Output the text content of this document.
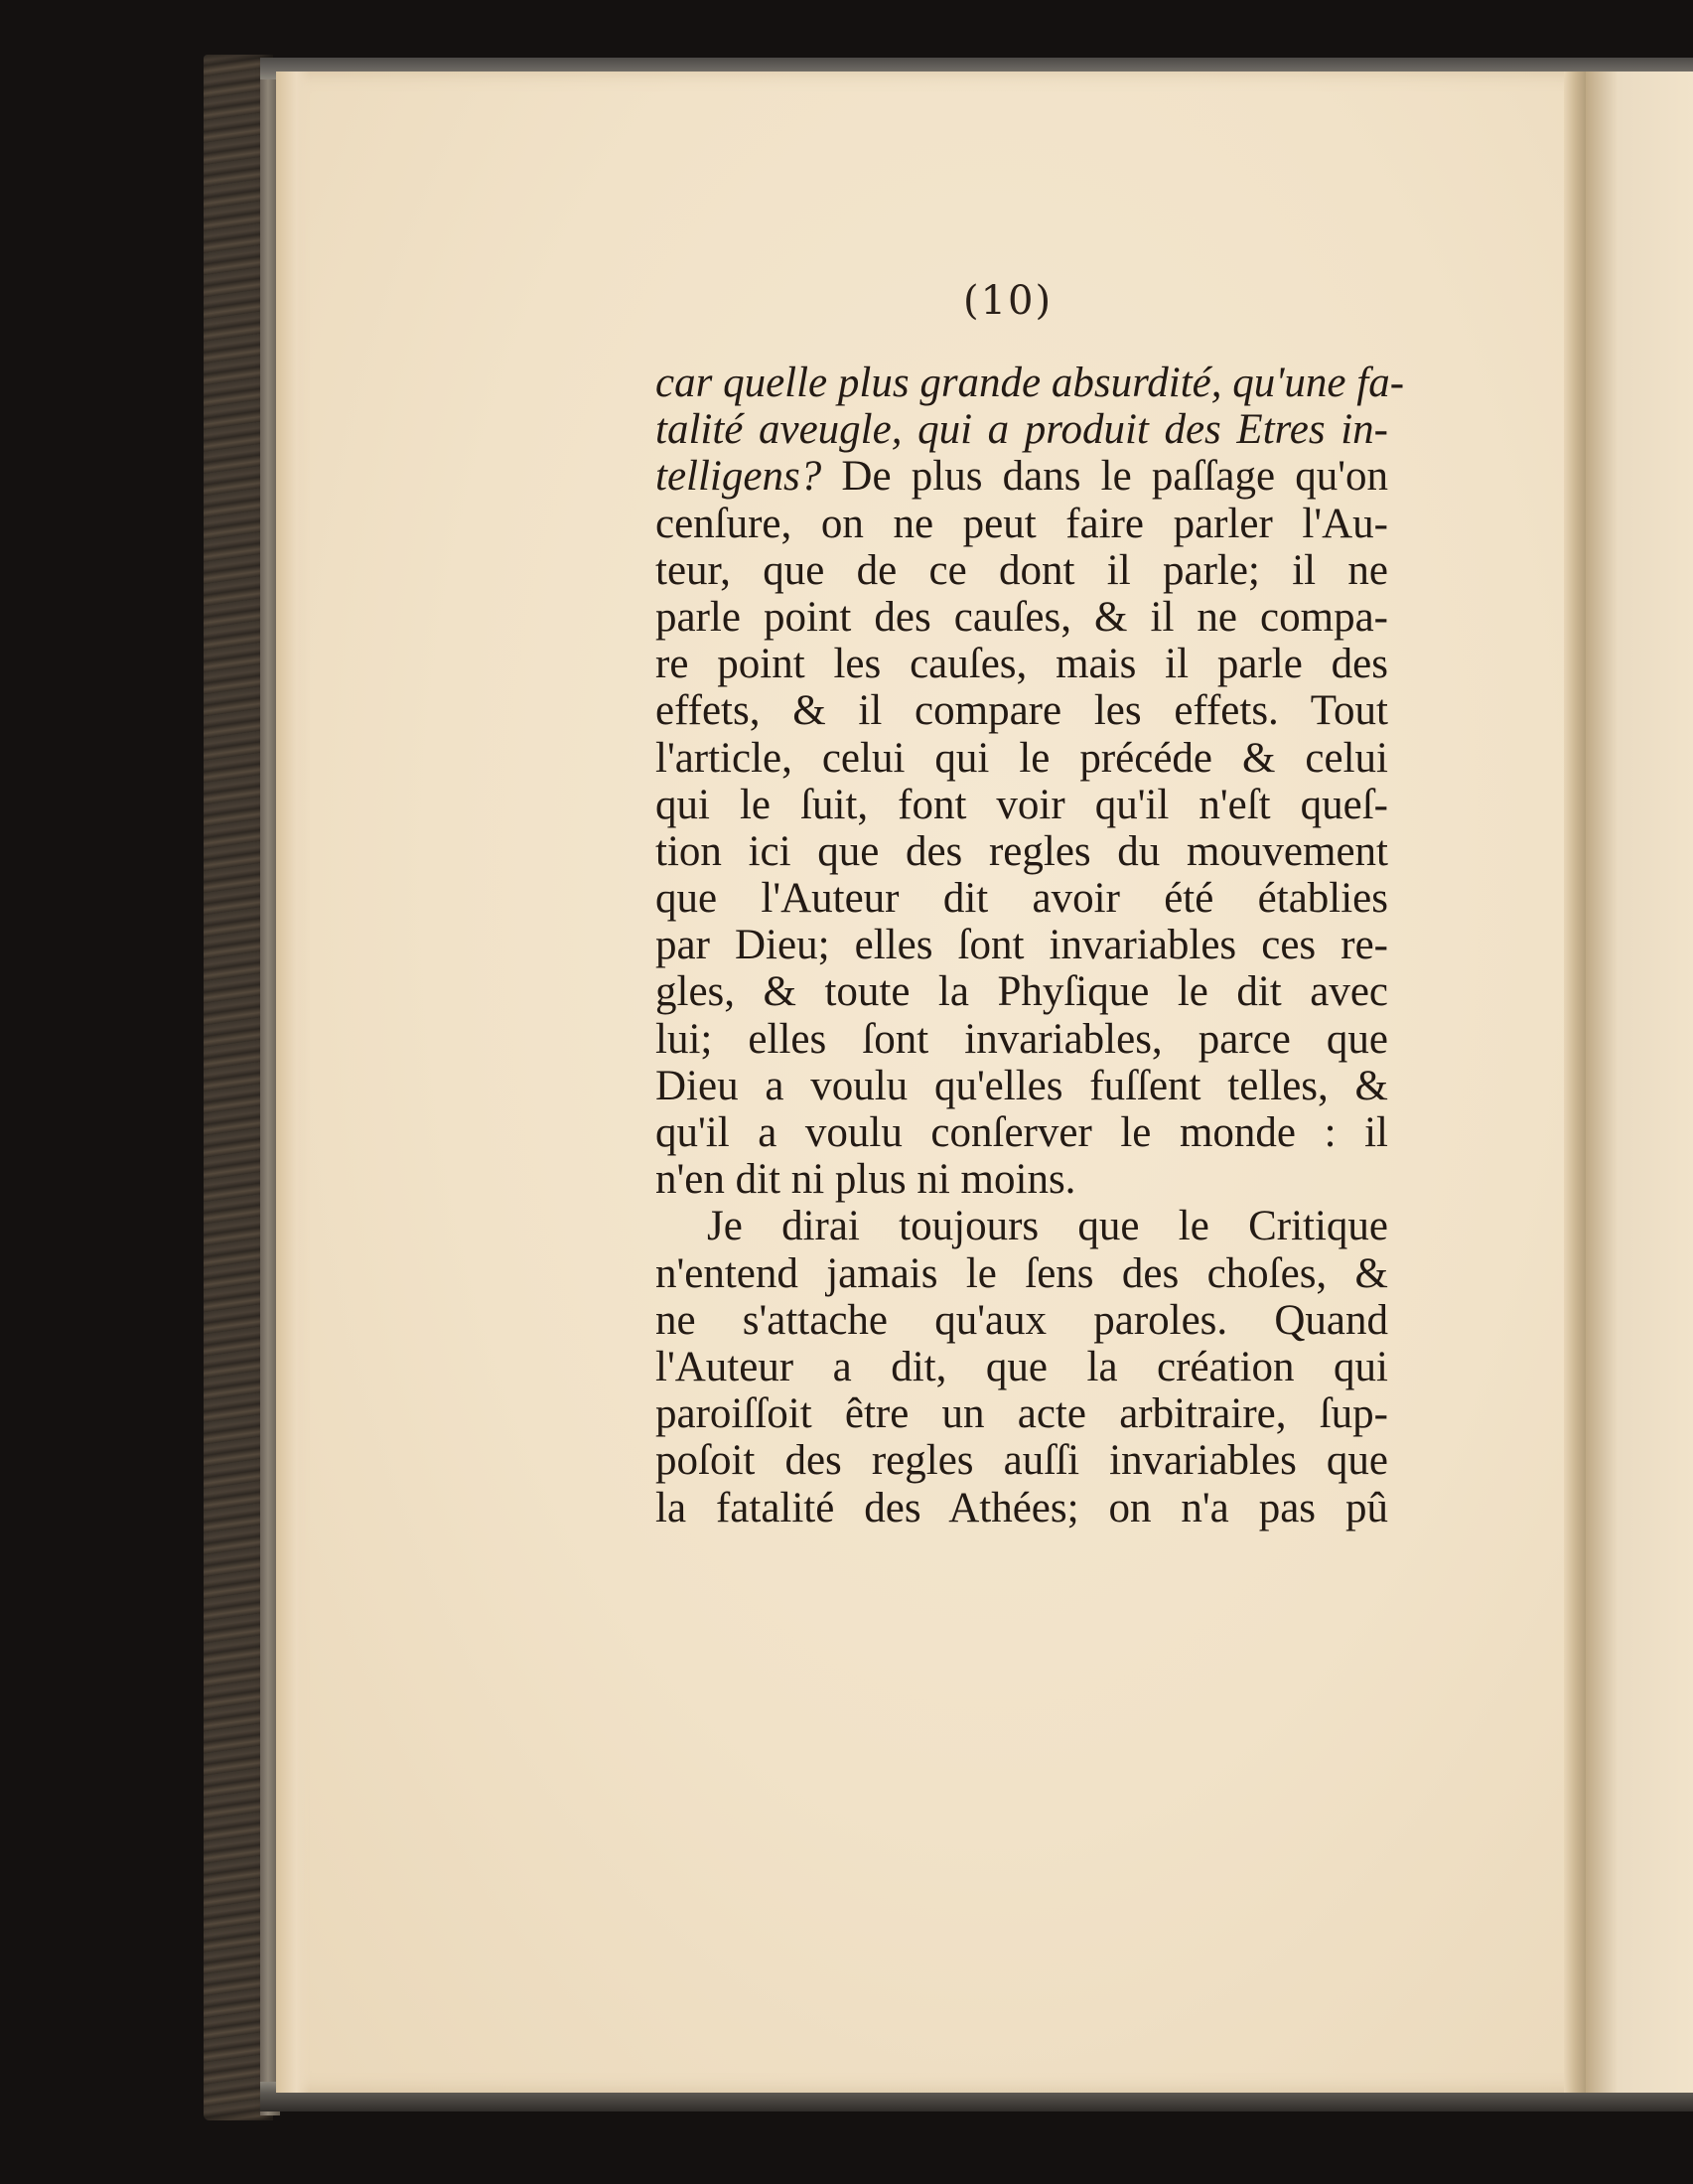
(10)
car quelle plus grande absurdité, qu'une fa-
talité aveugle, qui a produit des Etres in-
telligens? De plus dans le paſſage qu'on
cenſure, on ne peut faire parler l'Au-
teur, que de ce dont il parle; il ne
parle point des cauſes, & il ne compa-
re point les cauſes, mais il parle des
effets, & il compare les effets. Tout
l'article, celui qui le précéde & celui
qui le ſuit, font voir qu'il n'eſt queſ-
tion ici que des regles du mouvement
que l'Auteur dit avoir été établies
par Dieu; elles ſont invariables ces re-
gles, & toute la Phyſique le dit avec
lui; elles ſont invariables, parce que
Dieu a voulu qu'elles fuſſent telles, &
qu'il a voulu conſerver le monde : il
n'en dit ni plus ni moins.
Je dirai toujours que le Critique
n'entend jamais le ſens des choſes, &
ne s'attache qu'aux paroles. Quand
l'Auteur a dit, que la création qui
paroiſſoit être un acte arbitraire, ſup-
poſoit des regles auſſi invariables que
la fatalité des Athées; on n'a pas pû
